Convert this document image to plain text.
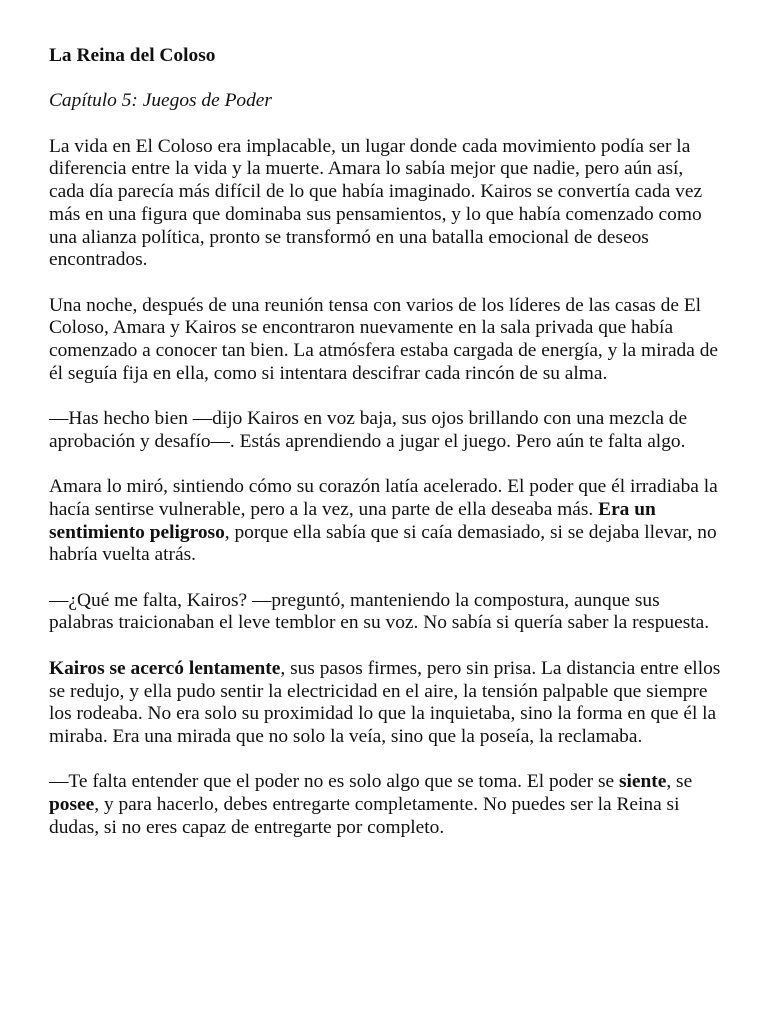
La Reina del Coloso
Capítulo 5: Juegos de Poder

La vida en El Coloso era implacable, un lugar donde cada movimiento podía ser la diferencia entre la vida y la muerte. Amara lo sabía mejor que nadie, pero aún así, cada día parecía más difícil de lo que había imaginado. Kairos se convertía cada vez más en una figura que dominaba sus pensamientos, y lo que había comenzado como una alianza política, pronto se transformó en una batalla emocional de deseos encontrados.

Una noche, después de una reunión tensa con varios de los líderes de las casas de El Coloso, Amara y Kairos se encontraron nuevamente en la sala privada que había comenzado a conocer tan bien. La atmósfera estaba cargada de energía, y la mirada de él seguía fija en ella, como si intentara descifrar cada rincón de su alma.

—Has hecho bien —dijo Kairos en voz baja, sus ojos brillando con una mezcla de aprobación y desafío—. Estás aprendiendo a jugar el juego. Pero aún te falta algo.

Amara lo miró, sintiendo cómo su corazón latía acelerado. El poder que él irradiaba la hacía sentirse vulnerable, pero a la vez, una parte de ella deseaba más. Era un sentimiento peligroso, porque ella sabía que si caía demasiado, si se dejaba llevar, no habría vuelta atrás.

—¿Qué me falta, Kairos? —preguntó, manteniendo la compostura, aunque sus palabras traicionaban el leve temblor en su voz. No sabía si quería saber la respuesta.

Kairos se acercó lentamente, sus pasos firmes, pero sin prisa. La distancia entre ellos se redujo, y ella pudo sentir la electricidad en el aire, la tensión palpable que siempre los rodeaba. No era solo su proximidad lo que la inquietaba, sino la forma en que él la miraba. Era una mirada que no solo la veía, sino que la poseía, la reclamaba.

—Te falta entender que el poder no es solo algo que se toma. El poder se siente, se posee, y para hacerlo, debes entregarte completamente. No puedes ser la Reina si dudas, si no eres capaz de entregarte por completo.
